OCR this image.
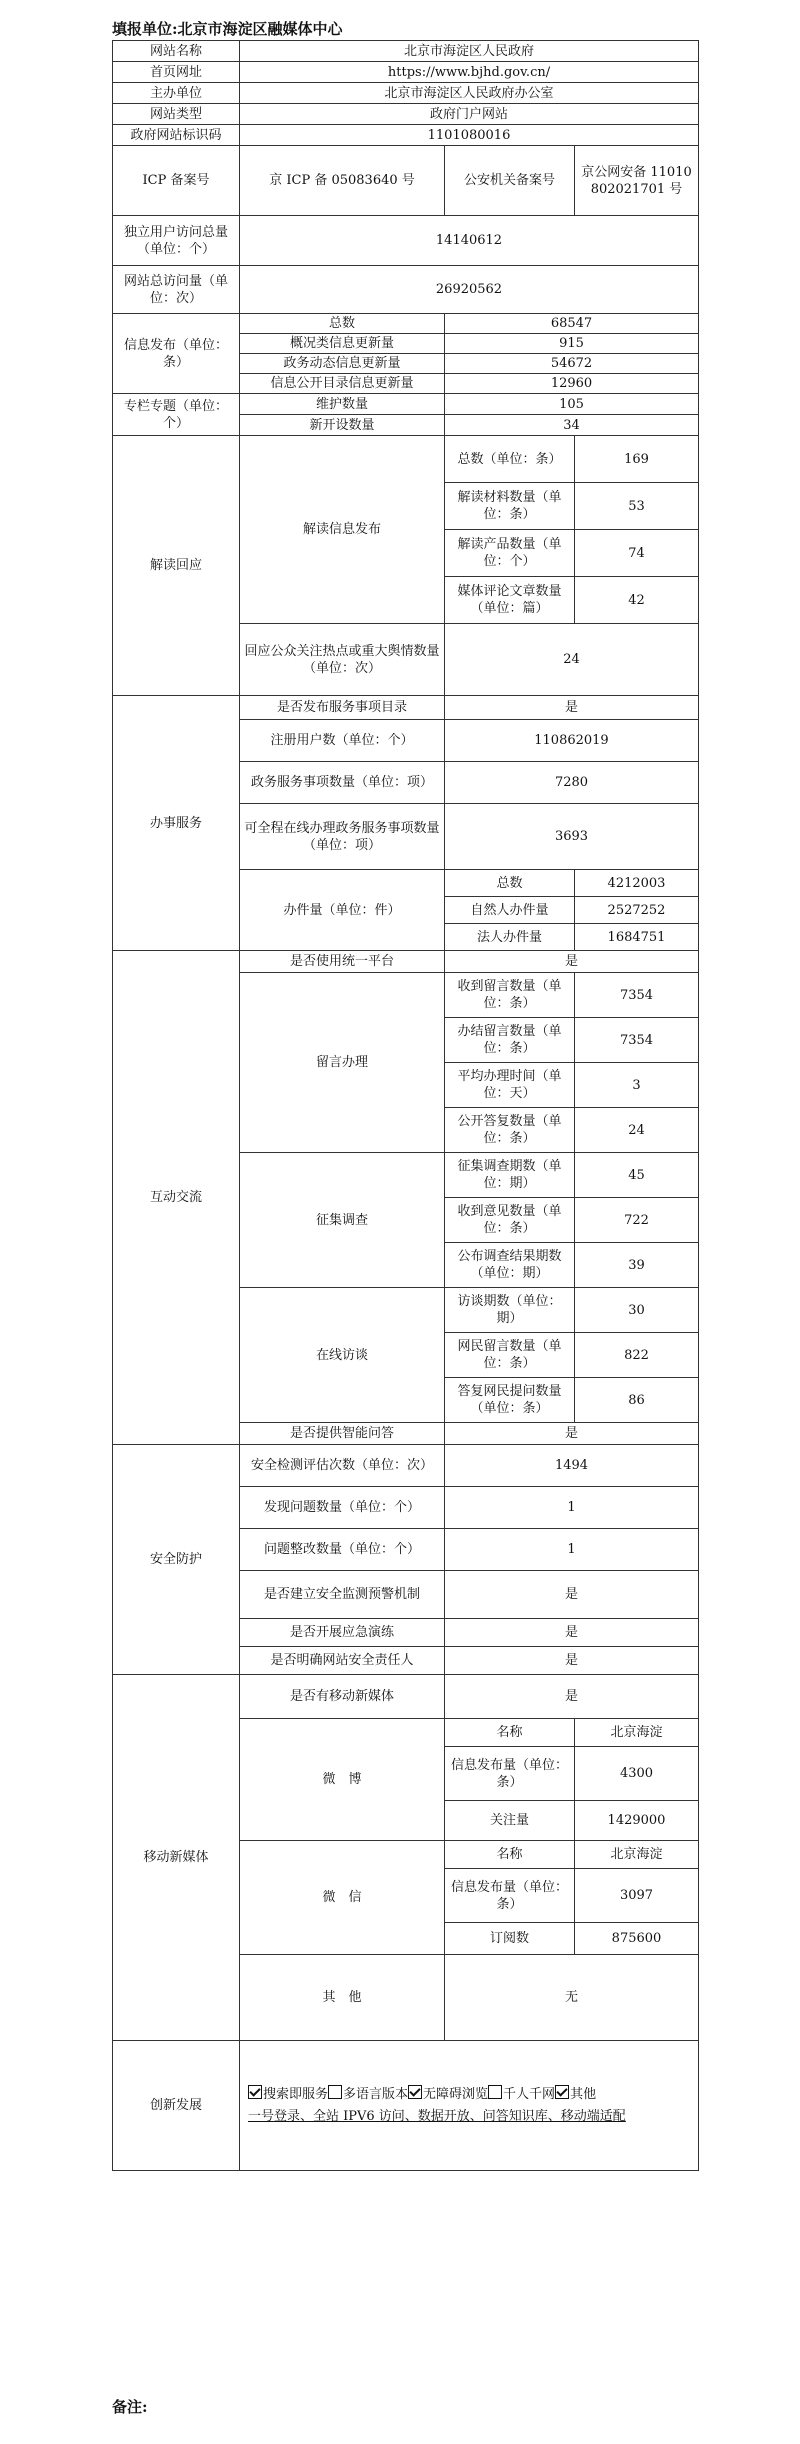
填报单位:北京市海淀区融媒体中心
网站名称	北京市海淀区人民政府		
首页网址	https://www.bjhd.gov.cn/		
主办单位	北京市海淀区人民政府办公室		
网站类型	政府门户网站		
政府网站标识码	1101080016		
ICP 备案号	京 ICP 备 05083640 号	公安机关备案号	京公网安备 11010802021701 号
独立用户访问总量（单位：个）	14140612		
网站总访问量（单位：次）	26920562		
信息发布（单位：条）	总数	68547	
	概况类信息更新量	915	
	政务动态信息更新量	54672	
	信息公开目录信息更新量	12960	
专栏专题（单位：个）	维护数量	105	
	新开设数量	34	
解读回应	解读信息发布	总数（单位：条）	169
		解读材料数量（单位：条）	53
		解读产品数量（单位：个）	74
		媒体评论文章数量（单位：篇）	42
	回应公众关注热点或重大舆情数量（单位：次）	24	
办事服务	是否发布服务事项目录	是	
	注册用户数（单位：个）	110862019	
	政务服务事项数量（单位：项）	7280	
	可全程在线办理政务服务事项数量（单位：项）	3693	
	办件量（单位：件）	总数	4212003
		自然人办件量	2527252
		法人办件量	1684751
互动交流	是否使用统一平台	是	
	留言办理	收到留言数量（单位：条）	7354
		办结留言数量（单位：条）	7354
		平均办理时间（单位：天）	3
		公开答复数量（单位：条）	24
	征集调查	征集调查期数（单位：期）	45
		收到意见数量（单位：条）	722
		公布调查结果期数（单位：期）	39
	在线访谈	访谈期数（单位：期）	30
		网民留言数量（单位：条）	822
		答复网民提问数量（单位：条）	86
	是否提供智能问答	是	
安全防护	安全检测评估次数（单位：次）	1494	
	发现问题数量（单位：个）	1	
	问题整改数量（单位：个）	1	
	是否建立安全监测预警机制	是	
	是否开展应急演练	是	
	是否明确网站安全责任人	是	
移动新媒体	是否有移动新媒体	是	
	微　博	名称	北京海淀
		信息发布量（单位：条）	4300
		关注量	1429000
	微　信	名称	北京海淀
		信息发布量（单位：条）	3097
		订阅数	875600
	其　他	无	
创新发展	搜索即服务 多语言版本 无障碍浏览 千人千网 其他
一号登录、全站 IPV6 访问、数据开放、问答知识库、移动端适配		
备注:
